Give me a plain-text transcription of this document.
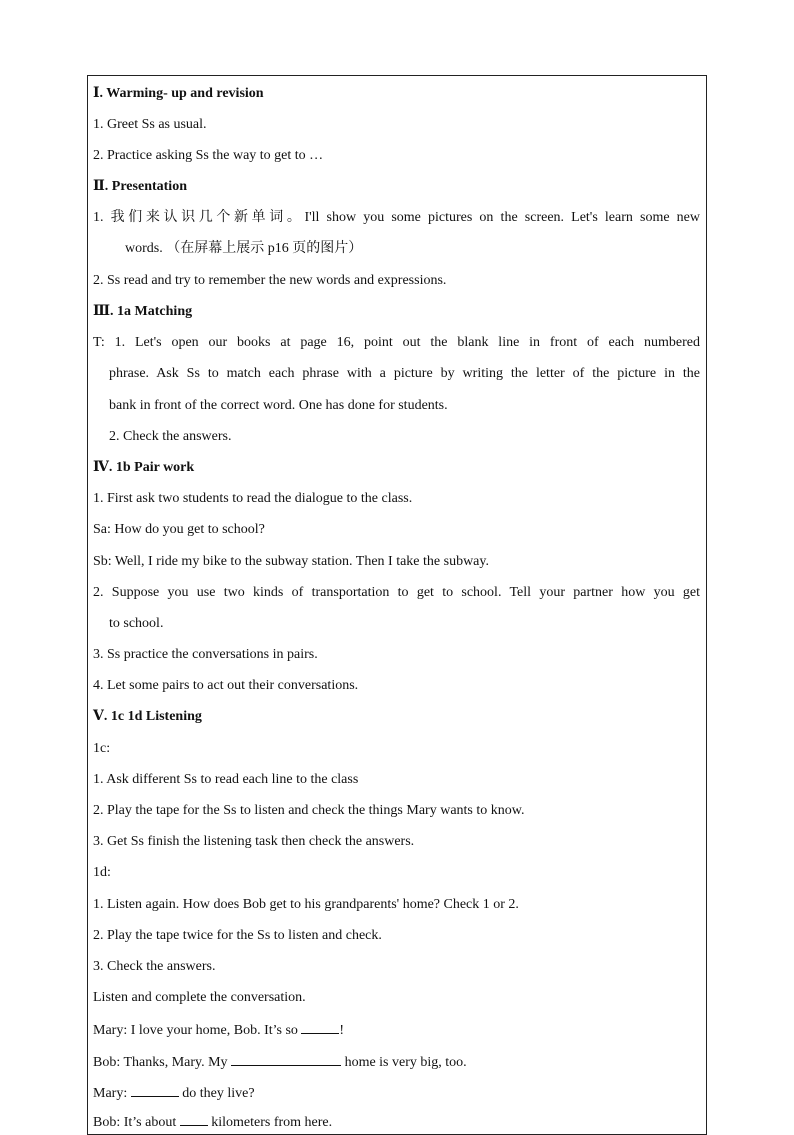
Ⅰ. Warming- up and revision
1. Greet Ss as usual.
2. Practice asking Ss the way to get to …
Ⅱ. Presentation
1. 我们来认识几个新单词。I'll show you some pictures on the screen. Let's learn some new
words. （在屏幕上展示 p16 页的图片）
2. Ss read and try to remember the new words and expressions.
Ⅲ. 1a Matching
T: 1. Let's open our books at page 16, point out the blank line in front of each numbered
phrase. Ask Ss to match each phrase with a picture by writing the letter of the picture in the
bank in front of the correct word. One has done for students.
2. Check the answers.
Ⅳ. 1b Pair work
1. First ask two students to read the dialogue to the class.
Sa: How do you get to school?
Sb: Well, I ride my bike to the subway station. Then I take the subway.
2. Suppose you use two kinds of transportation to get to school. Tell your partner how you get
to school.
3. Ss practice the conversations in pairs.
4. Let some pairs to act out their conversations.
Ⅴ. 1c 1d Listening
1c:
1. Ask different Ss to read each line to the class
2. Play the tape for the Ss to listen and check the things Mary wants to know.
3. Get Ss finish the listening task then check the answers.
1d:
1. Listen again. How does Bob get to his grandparents' home? Check 1 or 2.
2. Play the tape twice for the Ss to listen and check.
3. Check the answers.
Listen and complete the conversation.
Mary: I love your home, Bob. It’s so	!
Bob: Thanks, Mary. My	home is very big, too.
Mary:	do they live?
Bob: It’s about  kilometers from here.
